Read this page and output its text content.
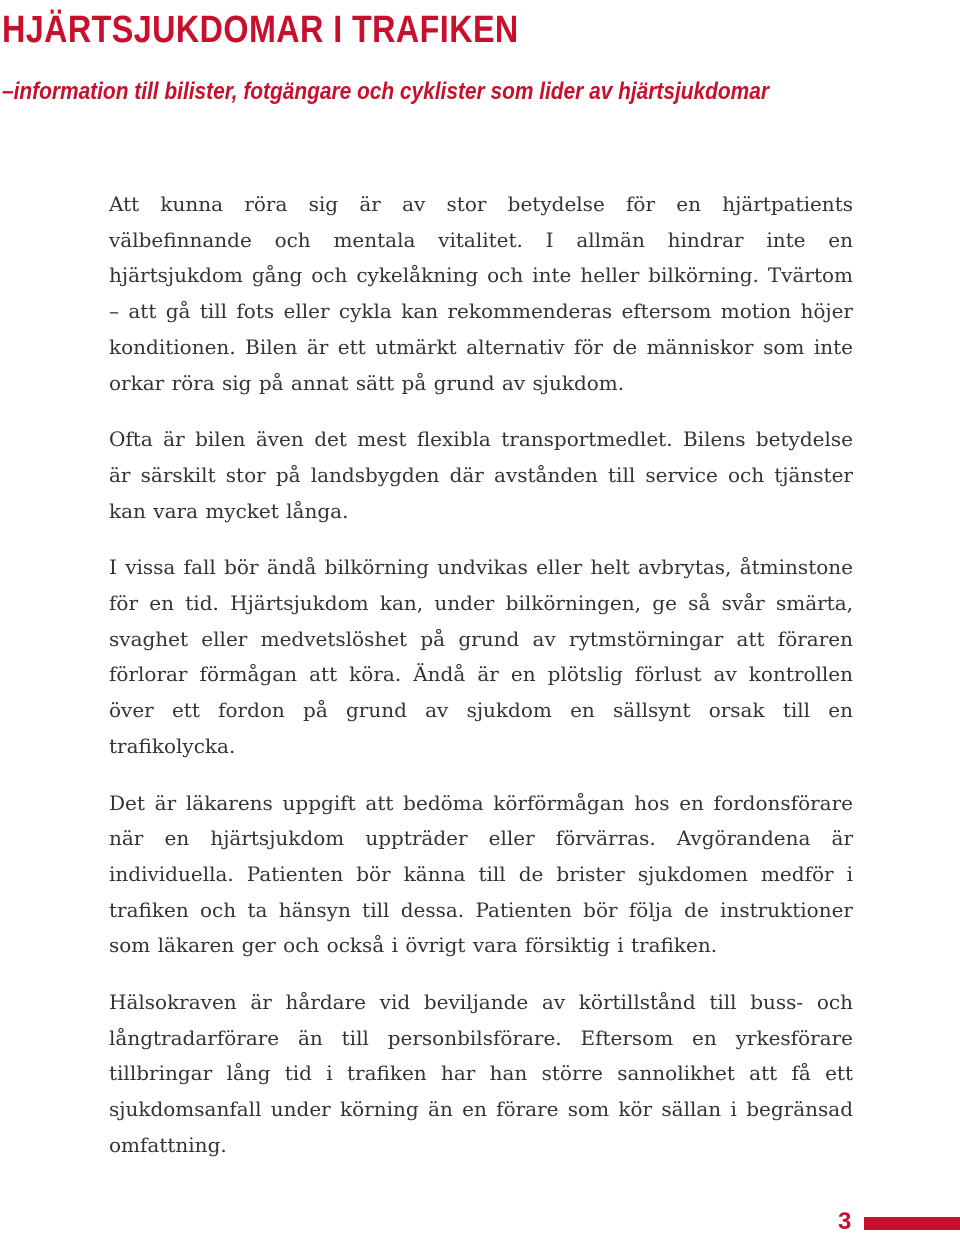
HJÄRTSJUKDOMAR I TRAFIKEN
–information till bilister, fotgängare och cyklister som lider av hjärtsjukdomar

Att kunna röra sig är av stor betydelse för en hjärtpatients välbefinnande och mentala vitalitet. I allmän hindrar inte en hjärtsjukdom gång och cykelåkning och inte heller bilkörning. Tvärtom – att gå till fots eller cykla kan rekommenderas eftersom motion höjer konditionen. Bilen är ett utmärkt alternativ för de människor som inte orkar röra sig på annat sätt på grund av sjukdom.

Ofta är bilen även det mest flexibla transportmedlet. Bilens betydelse är särskilt stor på landsbygden där avstånden till service och tjänster kan vara mycket långa.

I vissa fall bör ändå bilkörning undvikas eller helt avbrytas, åtminstone för en tid. Hjärtsjukdom kan, under bilkörningen, ge så svår smärta, svaghet eller medvetslöshet på grund av rytmstörningar att föraren förlorar förmågan att köra. Ändå är en plötslig förlust av kontrollen över ett fordon på grund av sjukdom en sällsynt orsak till en trafikolycka.

Det är läkarens uppgift att bedöma körförmågan hos en fordonsförare när en hjärtsjukdom uppträder eller förvärras. Avgörandena är individuella. Patienten bör känna till de brister sjukdomen medför i trafiken och ta hänsyn till dessa. Patienten bör följa de instruktioner som läkaren ger och också i övrigt vara försiktig i trafiken.

Hälsokraven är hårdare vid beviljande av körtillstånd till buss- och långtradarförare än till personbilsförare. Eftersom en yrkesförare tillbringar lång tid i trafiken har han större sannolikhet att få ett sjukdomsanfall under körning än en förare som kör sällan i begränsad omfattning.

3
